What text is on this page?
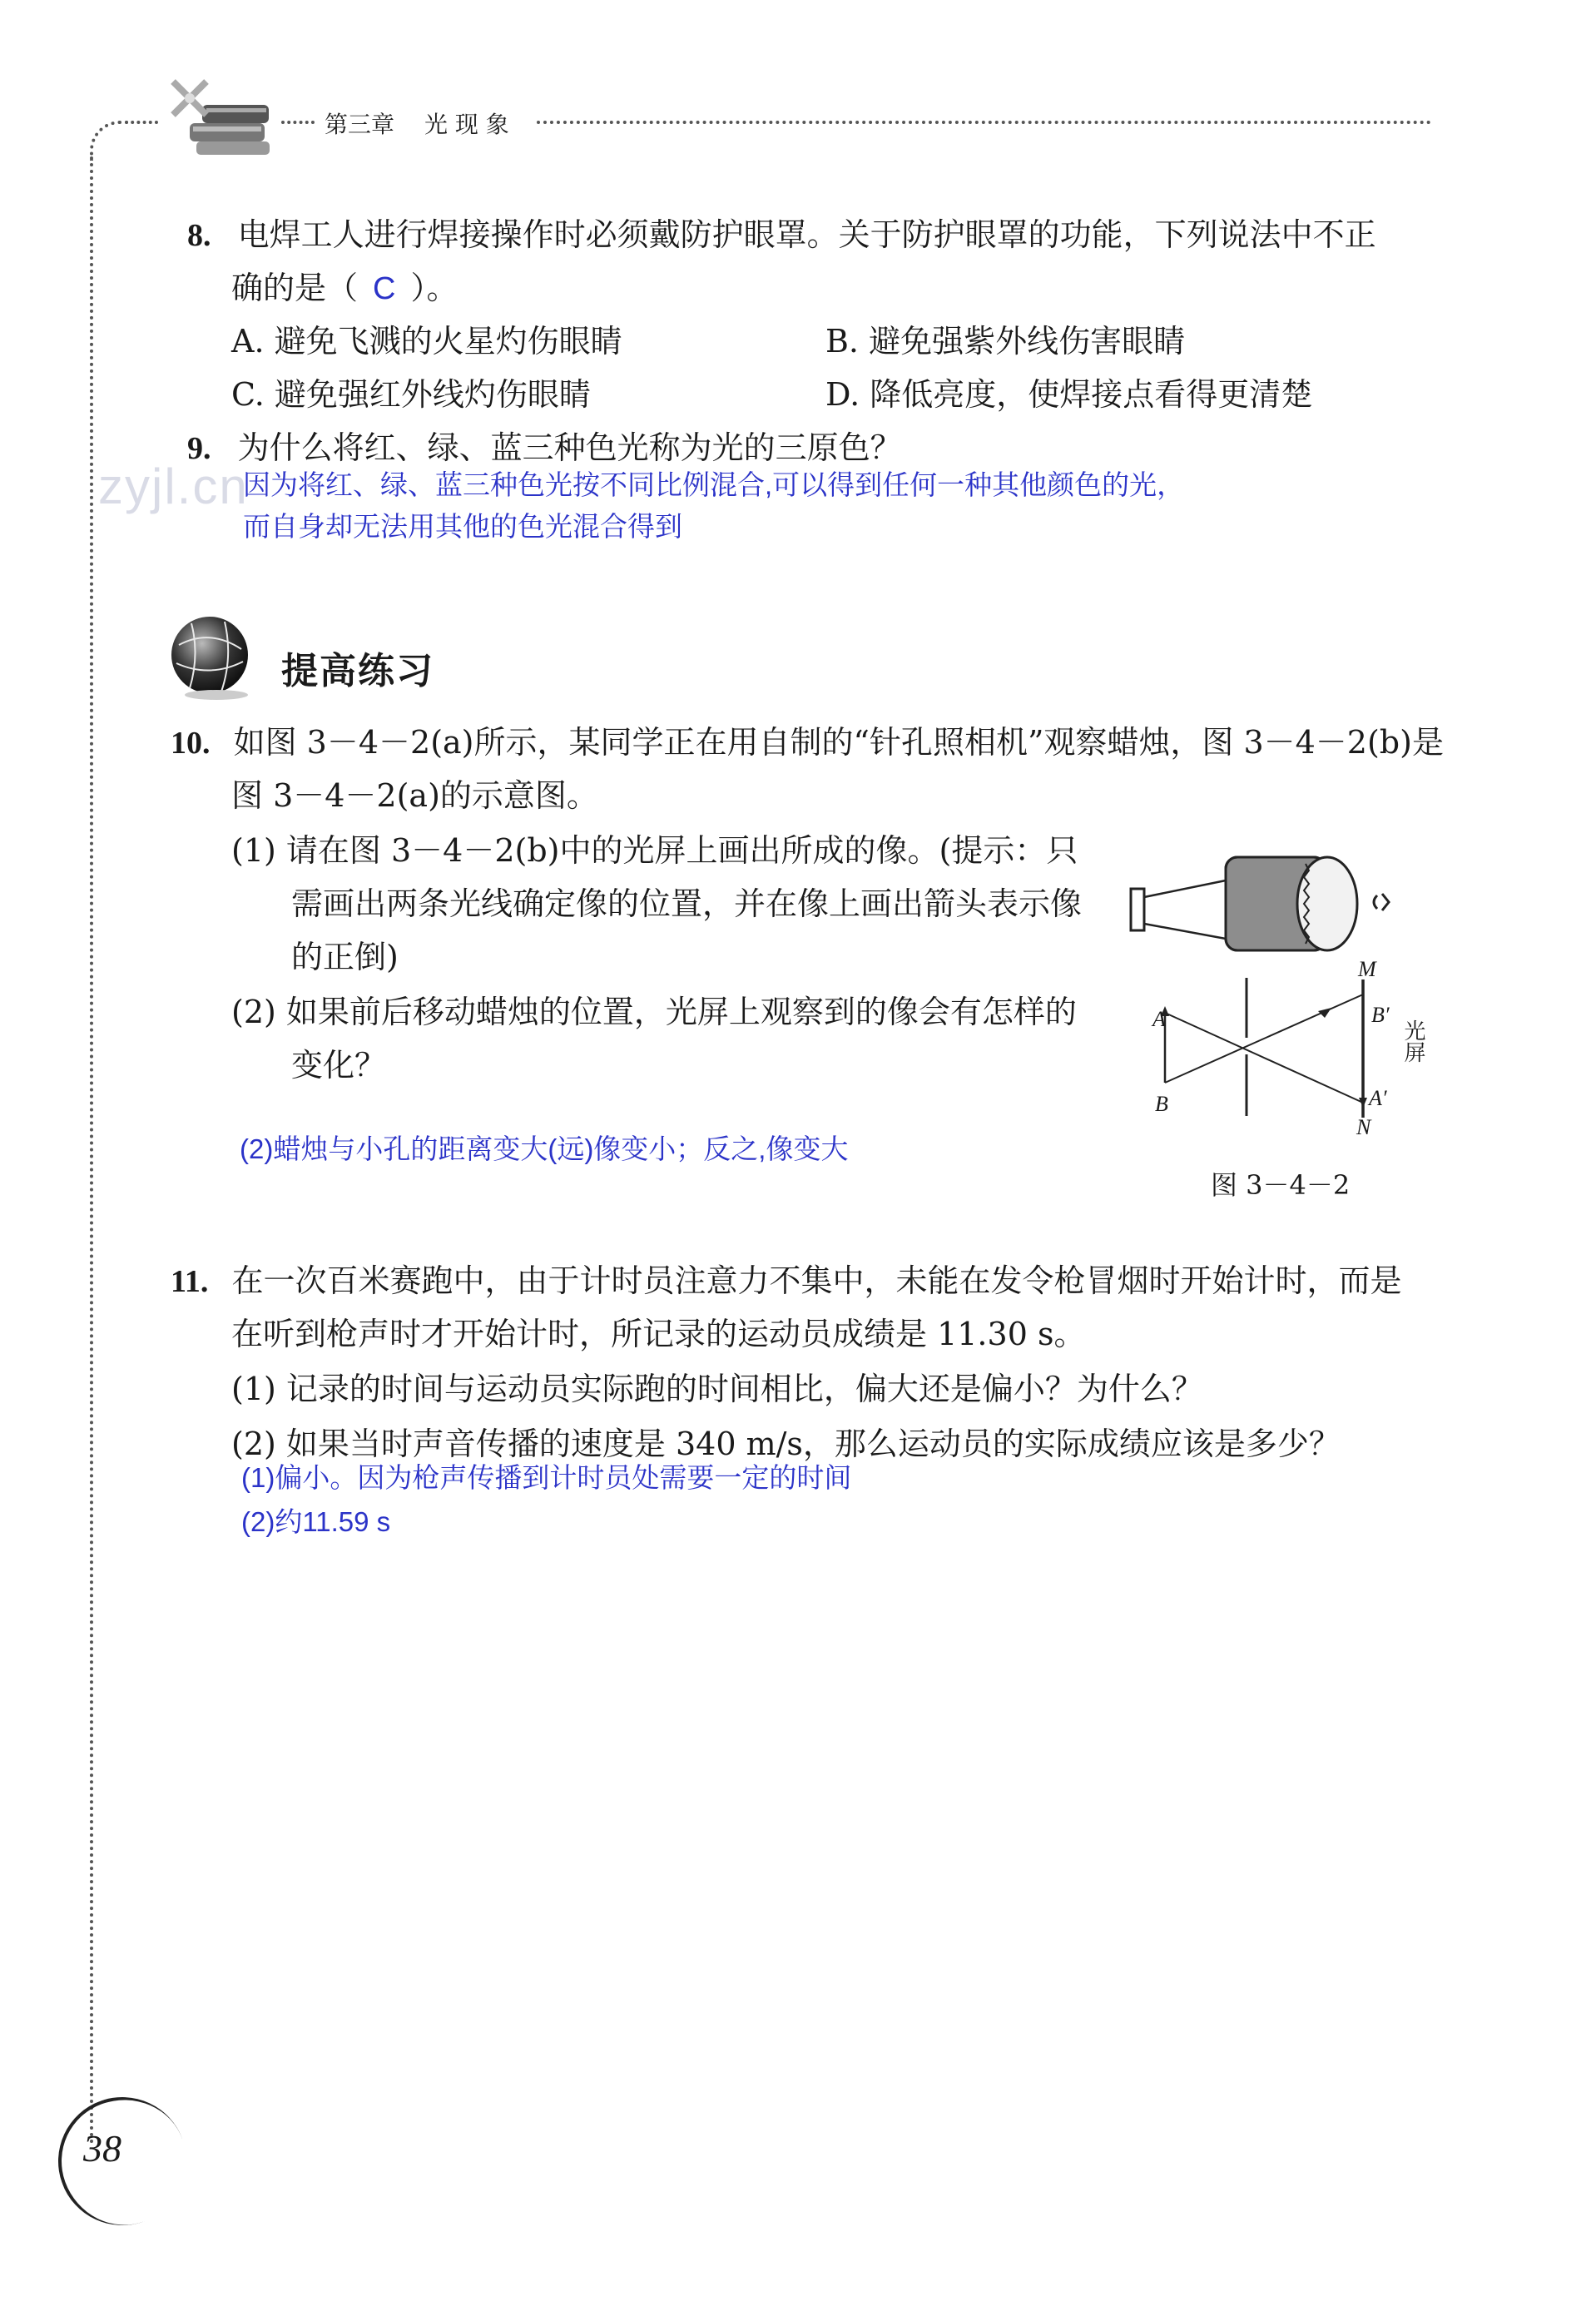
第三章 光 现 象
8. 电焊工人进行焊接操作时必须戴防护眼罩。关于防护眼罩的功能，下列说法中不正
确的是（ C ）。
A. 避免飞溅的火星灼伤眼睛	B. 避免强紫外线伤害眼睛
C. 避免强红外线灼伤眼睛	D. 降低亮度，使焊接点看得更清楚
9. 为什么将红、绿、蓝三种色光称为光的三原色？
zyjl.cn
因为将红、绿、蓝三种色光按不同比例混合,可以得到任何一种其他颜色的光，
而自身却无法用其他的色光混合得到
提高练习
10. 如图 3－4－2(a)所示，某同学正在用自制的“针孔照相机”观察蜡烛，图 3－4－2(b)是
图 3－4－2(a)的示意图。
(1) 请在图 3－4－2(b)中的光屏上画出所成的像。(提示：只
需画出两条光线确定像的位置，并在像上画出箭头表示像
的正倒)
(2) 如果前后移动蜡烛的位置，光屏上观察到的像会有怎样的
变化？
(2)蜡烛与小孔的距离变大(远)像变小；反之,像变大
M
A	B′
光屏
A′
B
N
图 3－4－2
11. 在一次百米赛跑中，由于计时员注意力不集中，未能在发令枪冒烟时开始计时，而是
在听到枪声时才开始计时，所记录的运动员成绩是 11.30 s。
(1) 记录的时间与运动员实际跑的时间相比，偏大还是偏小？为什么？
(2) 如果当时声音传播的速度是 340 m/s，那么运动员的实际成绩应该是多少？
(1)偏小。因为枪声传播到计时员处需要一定的时间
(2)约11.59 s
38
